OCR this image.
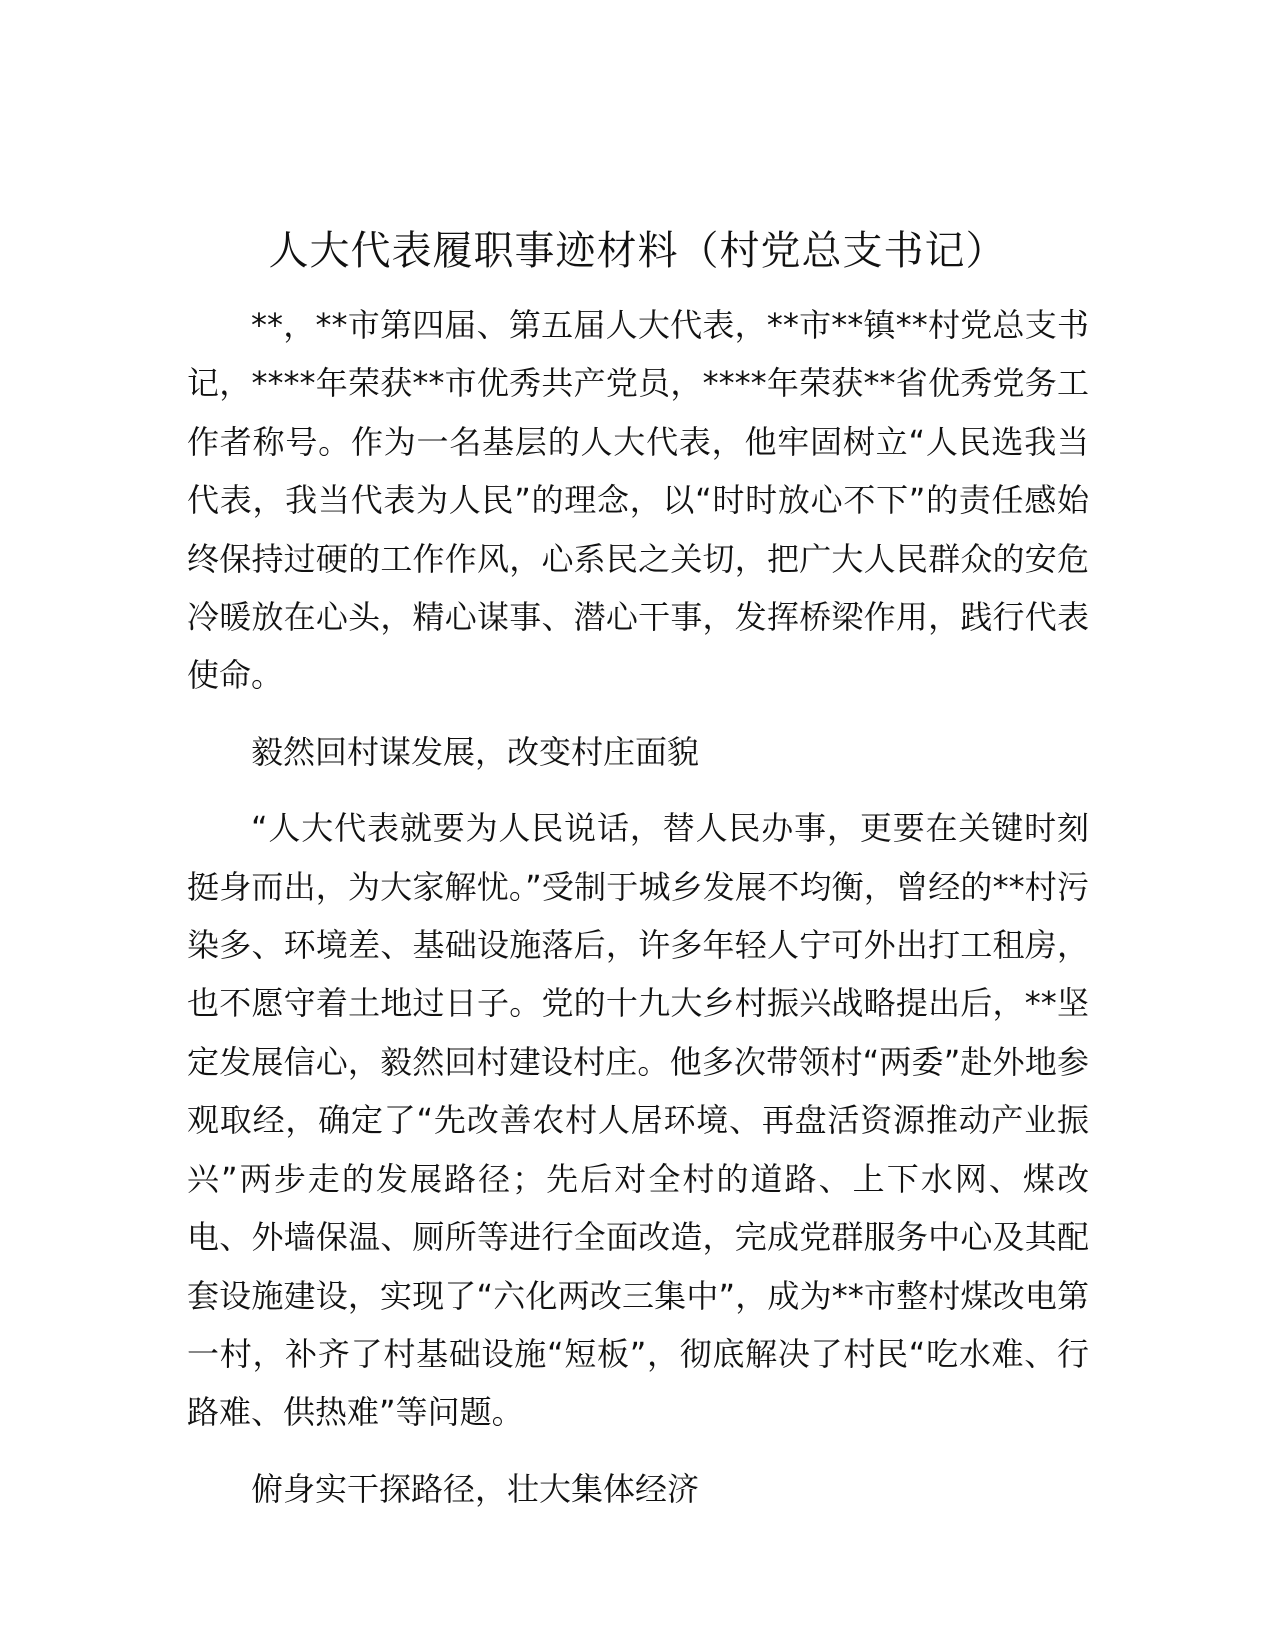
人大代表履职事迹材料（村党总支书记）

**，**市第四届、第五届人大代表，**市**镇**村党总支书记，****年荣获**市优秀共产党员，****年荣获**省优秀党务工作者称号。作为一名基层的人大代表，他牢固树立“人民选我当代表，我当代表为人民”的理念，以“时时放心不下”的责任感始终保持过硬的工作作风，心系民之关切，把广大人民群众的安危冷暖放在心头，精心谋事、潜心干事，发挥桥梁作用，践行代表使命。

毅然回村谋发展，改变村庄面貌

“人大代表就要为人民说话，替人民办事，更要在关键时刻挺身而出，为大家解忧。”受制于城乡发展不均衡，曾经的**村污染多、环境差、基础设施落后，许多年轻人宁可外出打工租房，也不愿守着土地过日子。党的十九大乡村振兴战略提出后，**坚定发展信心，毅然回村建设村庄。他多次带领村“两委”赴外地参观取经，确定了“先改善农村人居环境、再盘活资源推动产业振兴”两步走的发展路径；先后对全村的道路、上下水网、煤改电、外墙保温、厕所等进行全面改造，完成党群服务中心及其配套设施建设，实现了“六化两改三集中”，成为**市整村煤改电第一村，补齐了村基础设施“短板”，彻底解决了村民“吃水难、行路难、供热难”等问题。

俯身实干探路径，壮大集体经济
